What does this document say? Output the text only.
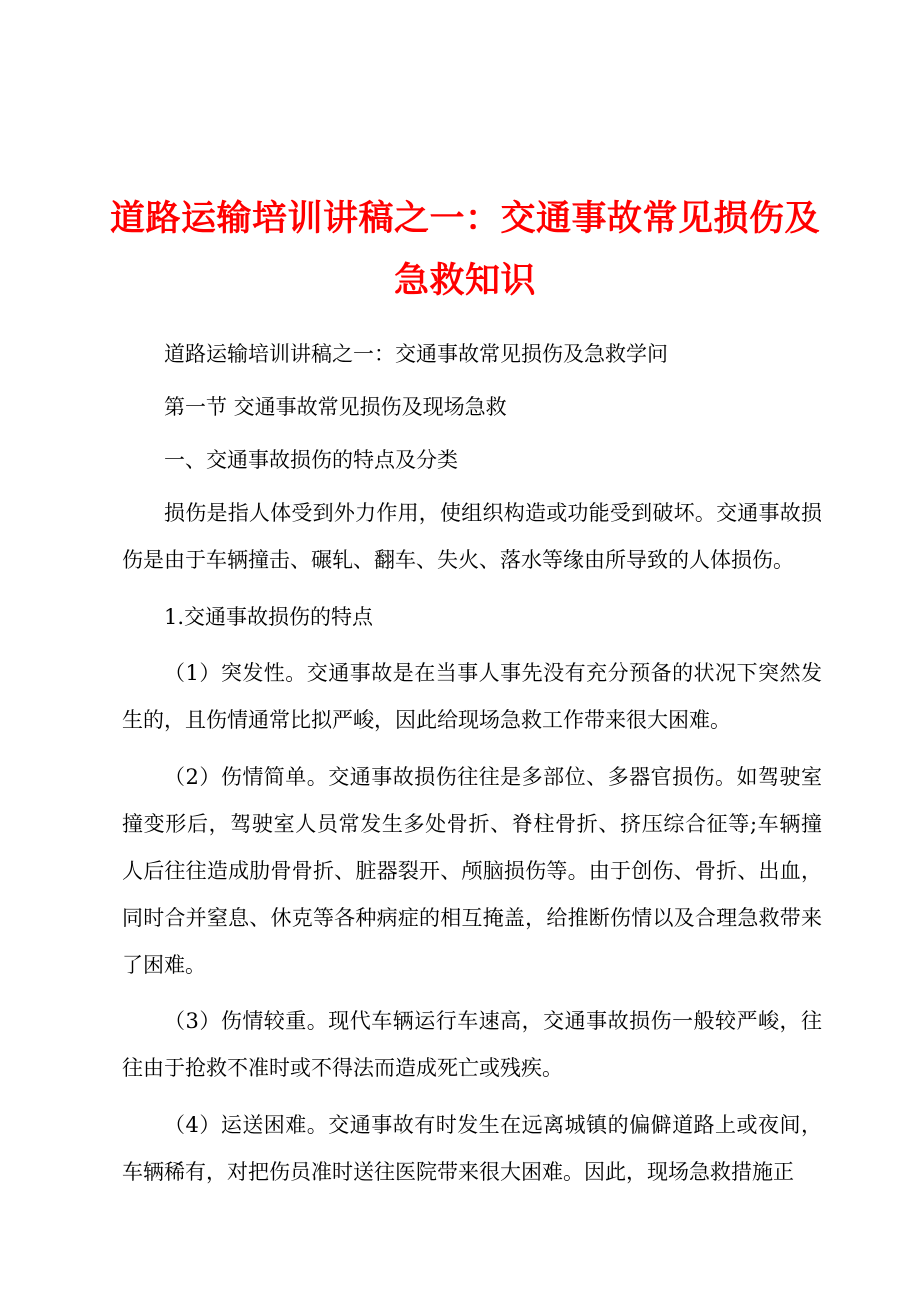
道路运输培训讲稿之一：交通事故常见损伤及急救知识

道路运输培训讲稿之一：交通事故常见损伤及急救学问

第一节 交通事故常见损伤及现场急救

一、交通事故损伤的特点及分类

损伤是指人体受到外力作用，使组织构造或功能受到破坏。交通事故损伤是由于车辆撞击、碾轧、翻车、失火、落水等缘由所导致的人体损伤。

1.交通事故损伤的特点

（1）突发性。交通事故是在当事人事先没有充分预备的状况下突然发生的，且伤情通常比拟严峻，因此给现场急救工作带来很大困难。

（2）伤情简单。交通事故损伤往往是多部位、多器官损伤。如驾驶室撞变形后，驾驶室人员常发生多处骨折、脊柱骨折、挤压综合征等;车辆撞人后往往造成肋骨骨折、脏器裂开、颅脑损伤等。由于创伤、骨折、出血，同时合并窒息、休克等各种病症的相互掩盖，给推断伤情以及合理急救带来了困难。

（3）伤情较重。现代车辆运行车速高，交通事故损伤一般较严峻，往往由于抢救不准时或不得法而造成死亡或残疾。

（4）运送困难。交通事故有时发生在远离城镇的偏僻道路上或夜间，车辆稀有，对把伤员准时送往医院带来很大困难。因此，现场急救措施正
